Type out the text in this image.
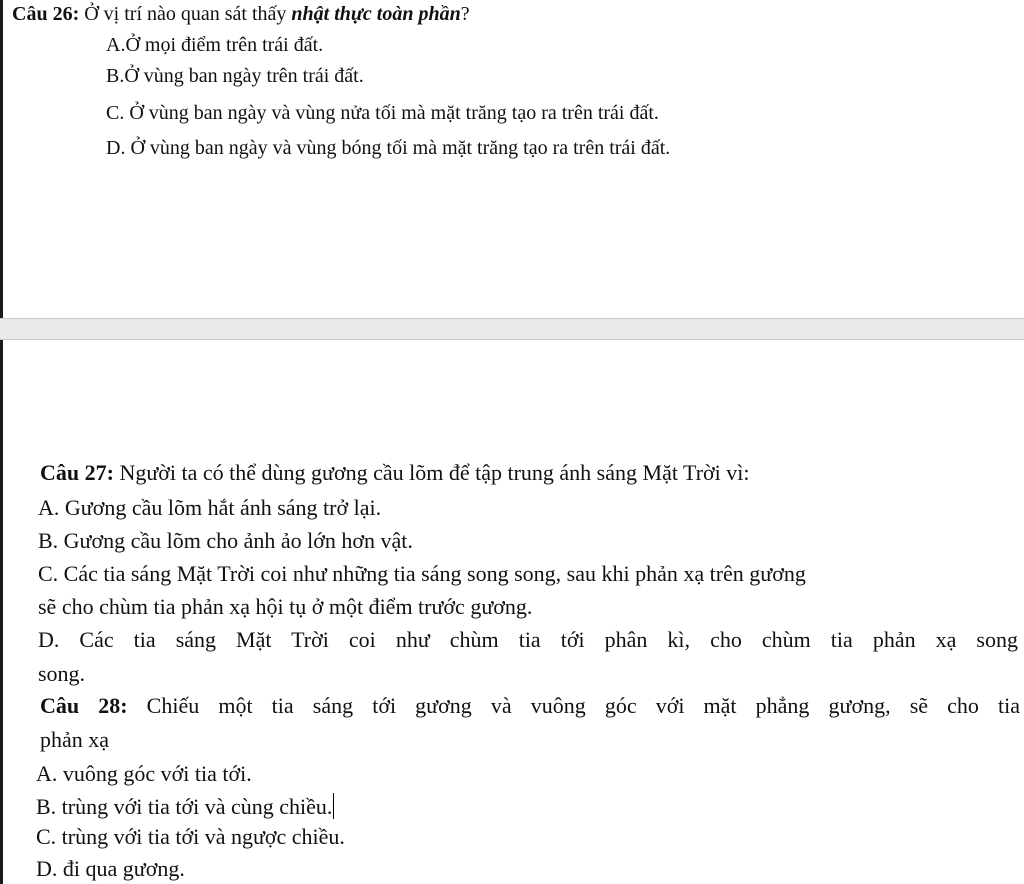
Câu 26: Ở vị trí nào quan sát thấy nhật thực toàn phần?
A.Ở mọi điểm trên trái đất.
B.Ở vùng ban ngày trên trái đất.
C. Ở vùng ban ngày và vùng nửa tối mà mặt trăng tạo ra trên trái đất.
D. Ở vùng ban ngày và vùng bóng tối mà mặt trăng tạo ra trên trái đất.
Câu 27: Người ta có thể dùng gương cầu lõm để tập trung ánh sáng Mặt Trời vì:
A. Gương cầu lõm hắt ánh sáng trở lại.
B. Gương cầu lõm cho ảnh ảo lớn hơn vật.
C. Các tia sáng Mặt Trời coi như những tia sáng song song, sau khi phản xạ trên gương
sẽ cho chùm tia phản xạ hội tụ ở một điểm trước gương.
D. Các tia sáng Mặt Trời coi như chùm tia tới phân kì, cho chùm tia phản xạ song
song.
Câu 28: Chiếu một tia sáng tới gương và vuông góc với mặt phẳng gương, sẽ cho tia
phản xạ
A. vuông góc với tia tới.
B. trùng với tia tới và cùng chiều.
C. trùng với tia tới và ngược chiều.
D. đi qua gương.
